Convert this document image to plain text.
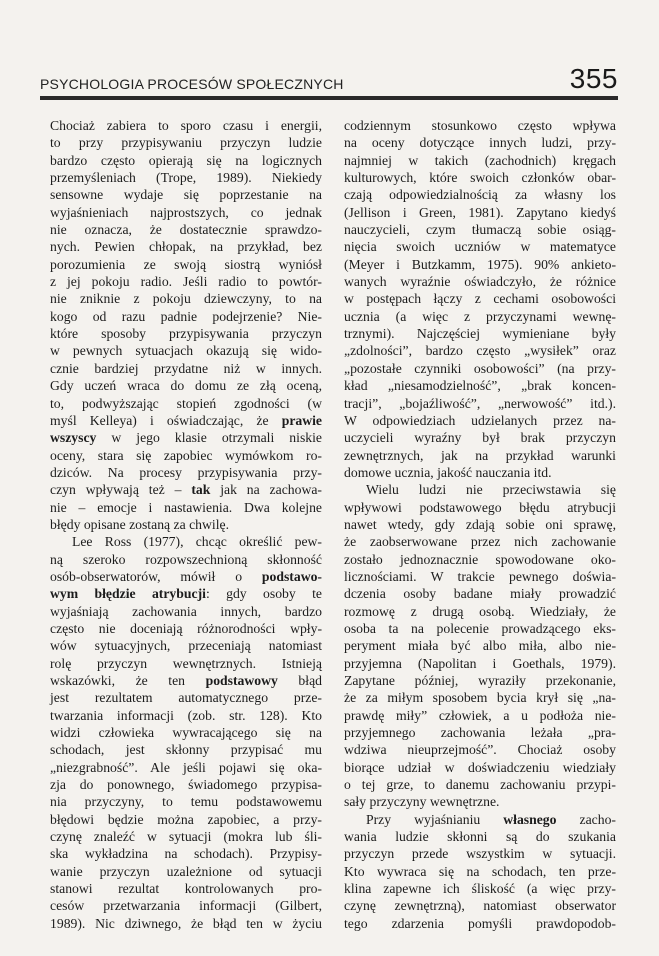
PSYCHOLOGIA PROCESÓW SPOŁECZNYCH	355
Chociaż zabiera to sporo czasu i energii,
to przy przypisywaniu przyczyn ludzie
bardzo często opierają się na logicznych
przemyśleniach (Trope, 1989). Niekiedy
sensowne wydaje się poprzestanie na
wyjaśnieniach najprostszych, co jednak
nie oznacza, że dostatecznie sprawdzo-
nych. Pewien chłopak, na przykład, bez
porozumienia ze swoją siostrą wyniósł
z jej pokoju radio. Jeśli radio to powtór-
nie zniknie z pokoju dziewczyny, to na
kogo od razu padnie podejrzenie? Nie-
które sposoby przypisywania przyczyn
w pewnych sytuacjach okazują się wido-
cznie bardziej przydatne niż w innych.
Gdy uczeń wraca do domu ze złą oceną,
to, podwyższając stopień zgodności (w
myśl Kelleya) i oświadczając, że prawie
wszyscy w jego klasie otrzymali niskie
oceny, stara się zapobiec wymówkom ro-
dziców. Na procesy przypisywania przy-
czyn wpływają też – tak jak na zachowa-
nie – emocje i nastawienia. Dwa kolejne
błędy opisane zostaną za chwilę.
Lee Ross (1977), chcąc określić pew-
ną szeroko rozpowszechnioną skłonność
osób-obserwatorów, mówił o podstawo-
wym błędzie atrybucji: gdy osoby te
wyjaśniają zachowania innych, bardzo
często nie doceniają różnorodności wpły-
wów sytuacyjnych, przeceniają natomiast
rolę przyczyn wewnętrznych. Istnieją
wskazówki, że ten podstawowy błąd
jest rezultatem automatycznego prze-
twarzania informacji (zob. str. 128). Kto
widzi człowieka wywracającego się na
schodach, jest skłonny przypisać mu
„niezgrabność”. Ale jeśli pojawi się oka-
zja do ponownego, świadomego przypisa-
nia przyczyny, to temu podstawowemu
błędowi będzie można zapobiec, a przy-
czynę znaleźć w sytuacji (mokra lub śli-
ska wykładzina na schodach). Przypisy-
wanie przyczyn uzależnione od sytuacji
stanowi rezultat kontrolowanych pro-
cesów przetwarzania informacji (Gilbert,
1989). Nic dziwnego, że błąd ten w życiu
codziennym stosunkowo często wpływa
na oceny dotyczące innych ludzi, przy-
najmniej w takich (zachodnich) kręgach
kulturowych, które swoich członków obar-
czają odpowiedzialnością za własny los
(Jellison i Green, 1981). Zapytano kiedyś
nauczycieli, czym tłumaczą sobie osiąg-
nięcia swoich uczniów w matematyce
(Meyer i Butzkamm, 1975). 90% ankieto-
wanych wyraźnie oświadczyło, że różnice
w postępach łączy z cechami osobowości
ucznia (a więc z przyczynami wewnę-
trznymi). Najczęściej wymieniane były
„zdolności”, bardzo często „wysiłek” oraz
„pozostałe czynniki osobowości” (na przy-
kład „niesamodzielność”, „brak koncen-
tracji”, „bojaźliwość”, „nerwowość” itd.).
W odpowiedziach udzielanych przez na-
uczycieli wyraźny był brak przyczyn
zewnętrznych, jak na przykład warunki
domowe ucznia, jakość nauczania itd.
Wielu ludzi nie przeciwstawia się
wpływowi podstawowego błędu atrybucji
nawet wtedy, gdy zdają sobie oni sprawę,
że zaobserwowane przez nich zachowanie
zostało jednoznacznie spowodowane oko-
licznościami. W trakcie pewnego doświa-
dczenia osoby badane miały prowadzić
rozmowę z drugą osobą. Wiedziały, że
osoba ta na polecenie prowadzącego eks-
peryment miała być albo miła, albo nie-
przyjemna (Napolitan i Goethals, 1979).
Zapytane później, wyraziły przekonanie,
że za miłym sposobem bycia krył się „na-
prawdę miły” człowiek, a u podłoża nie-
przyjemnego zachowania leżała „pra-
wdziwa nieuprzejmość”. Chociaż osoby
biorące udział w doświadczeniu wiedziały
o tej grze, to danemu zachowaniu przypi-
sały przyczyny wewnętrzne.
Przy wyjaśnianiu własnego zacho-
wania ludzie skłonni są do szukania
przyczyn przede wszystkim w sytuacji.
Kto wywraca się na schodach, ten prze-
klina zapewne ich śliskość (a więc przy-
czynę zewnętrzną), natomiast obserwator
tego zdarzenia pomyśli prawdopodob-
